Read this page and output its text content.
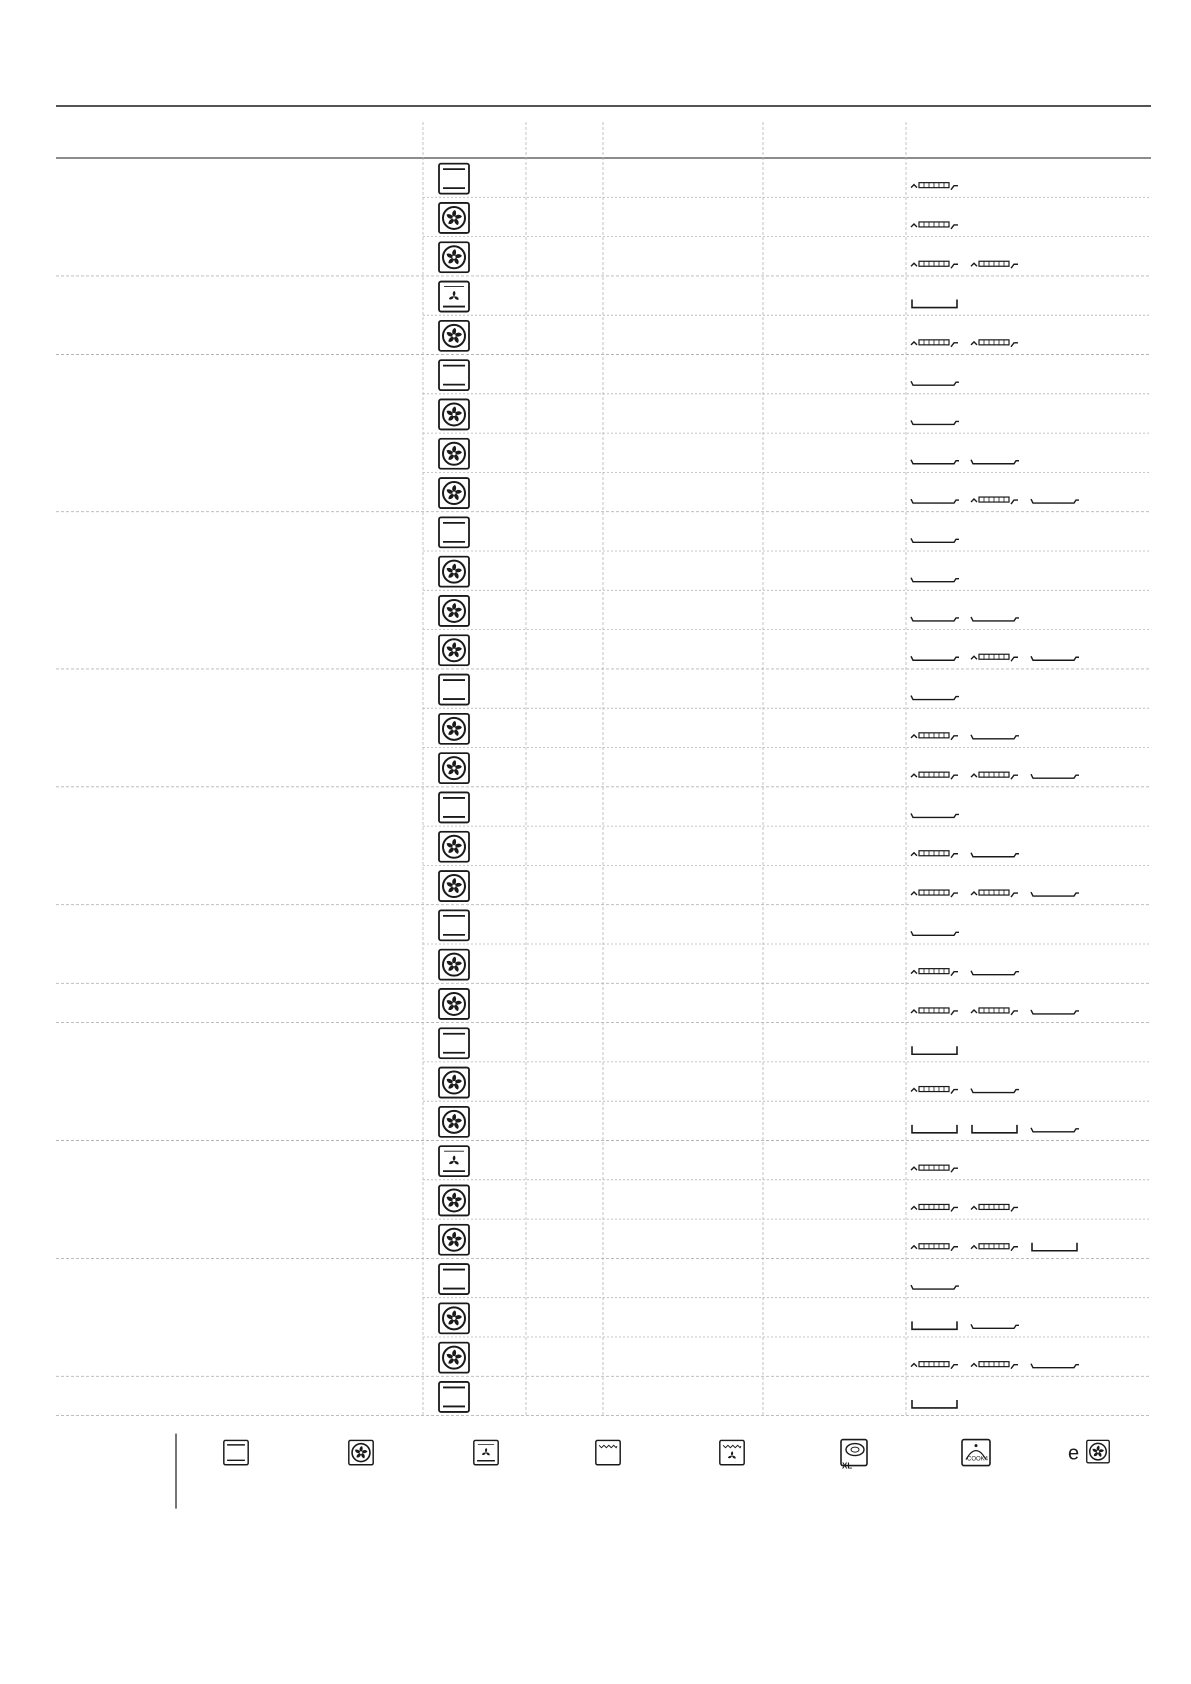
XL
COOK4	e
